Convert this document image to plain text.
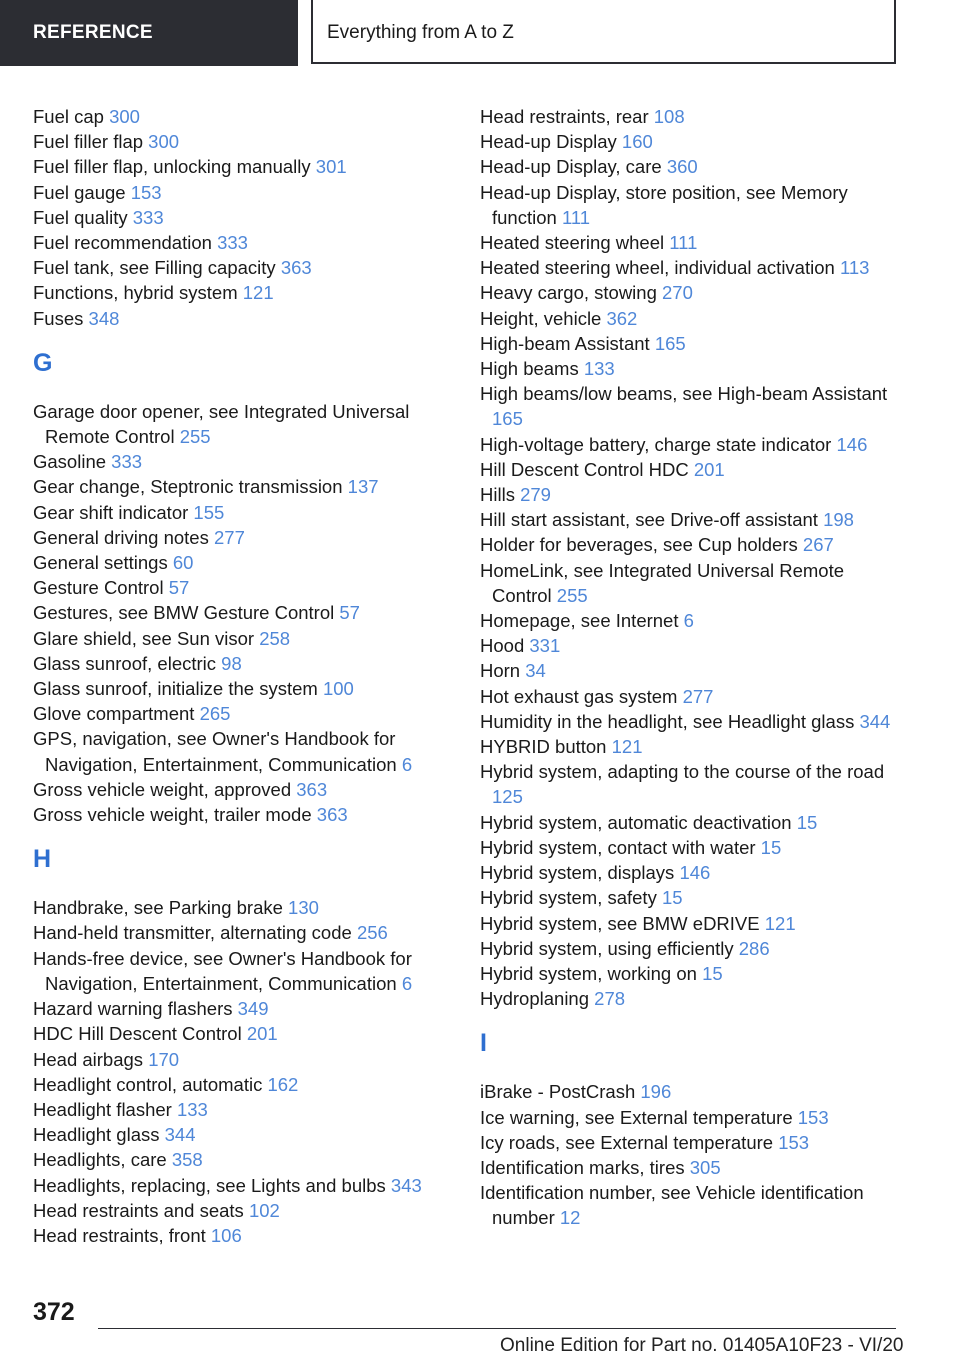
REFERENCE	Everything from A to Z
Fuel cap 300
Fuel filler flap 300
Fuel filler flap, unlocking manually 301
Fuel gauge 153
Fuel quality 333
Fuel recommendation 333
Fuel tank, see Filling capacity 363
Functions, hybrid system 121
Fuses 348
G
Garage door opener, see Integrated Universal Remote Control 255
Gasoline 333
Gear change, Steptronic transmission 137
Gear shift indicator 155
General driving notes 277
General settings 60
Gesture Control 57
Gestures, see BMW Gesture Control 57
Glare shield, see Sun visor 258
Glass sunroof, electric 98
Glass sunroof, initialize the system 100
Glove compartment 265
GPS, navigation, see Owner's Handbook for Navigation, Entertainment, Communication 6
Gross vehicle weight, approved 363
Gross vehicle weight, trailer mode 363
H
Handbrake, see Parking brake 130
Hand-held transmitter, alternating code 256
Hands-free device, see Owner's Handbook for Navigation, Entertainment, Communication 6
Hazard warning flashers 349
HDC Hill Descent Control 201
Head airbags 170
Headlight control, automatic 162
Headlight flasher 133
Headlight glass 344
Headlights, care 358
Headlights, replacing, see Lights and bulbs 343
Head restraints and seats 102
Head restraints, front 106
Head restraints, rear 108
Head-up Display 160
Head-up Display, care 360
Head-up Display, store position, see Memory function 111
Heated steering wheel 111
Heated steering wheel, individual activation 113
Heavy cargo, stowing 270
Height, vehicle 362
High-beam Assistant 165
High beams 133
High beams/low beams, see High-beam Assistant 165
High-voltage battery, charge state indicator 146
Hill Descent Control HDC 201
Hills 279
Hill start assistant, see Drive-off assistant 198
Holder for beverages, see Cup holders 267
HomeLink, see Integrated Universal Remote Control 255
Homepage, see Internet 6
Hood 331
Horn 34
Hot exhaust gas system 277
Humidity in the headlight, see Headlight glass 344
HYBRID button 121
Hybrid system, adapting to the course of the road 125
Hybrid system, automatic deactivation 15
Hybrid system, contact with water 15
Hybrid system, displays 146
Hybrid system, safety 15
Hybrid system, see BMW eDRIVE 121
Hybrid system, using efficiently 286
Hybrid system, working on 15
Hydroplaning 278
I
iBrake - PostCrash 196
Ice warning, see External temperature 153
Icy roads, see External temperature 153
Identification marks, tires 305
Identification number, see Vehicle identification number 12
372
Online Edition for Part no. 01405A10F23 - VI/20
